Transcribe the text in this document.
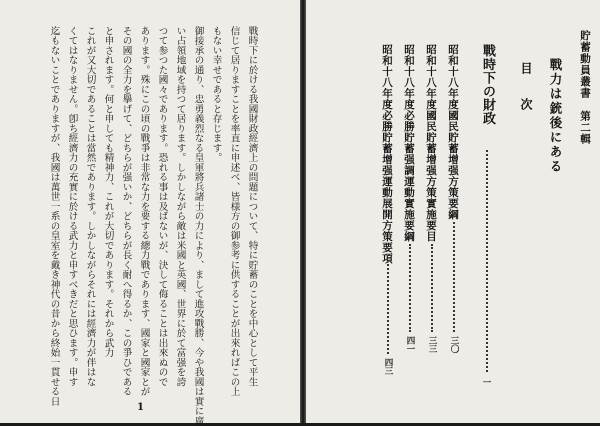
戰力は銃後にある
戰時下に於ける我國財政經濟上の問題について、特に貯蓄のことを中心として平生
信じて居りますことを率直に申述べ、皆様方の御参考に供することが出來ればこの上
もない幸せであると存じます。
御接承の通り、忠勇義烈なる皇軍將兵諸士の力により、まして進攻戰勝、今や我國は實に廣
い占領地域を持つて居ります。しかしながら敵は米國と英國、世界に於て富强を誇
つて参つた國々であります。恐れる事は及ばないが、決して侮ることは出來ぬので
あります。殊にこの頃の戰爭は非常な力を要する總力戰であります、國家と國家とが
その國の全力を擧げて、どちらが强いか、どちらが長く耐へ得るか、この爭ひである
と申されます。何と申しても精神力、これが大切であります。それから武力
これが又大切であることは當然であります。しかしながらそれには經濟力が伴はな
くてはなりません。卽ち經濟力の充實に於ける武力と申すべきだと思ひます。申す
迄もないことでありますが、我國は萬世一系の皇室を戴き神代の昔から終始一貫せる日
1
貯蓄動員叢書　第二輯
目　　次
戰時下の財政
一
昭和十八年度國民貯蓄增强方策要綱
三〇
昭和十八年度國民貯蓄增强方策實施要目
三三
昭和十八年度必勝貯蓄强調運動實施要綱
四一
昭和十八年度必勝貯蓄增强運動展開方策要項
四三
